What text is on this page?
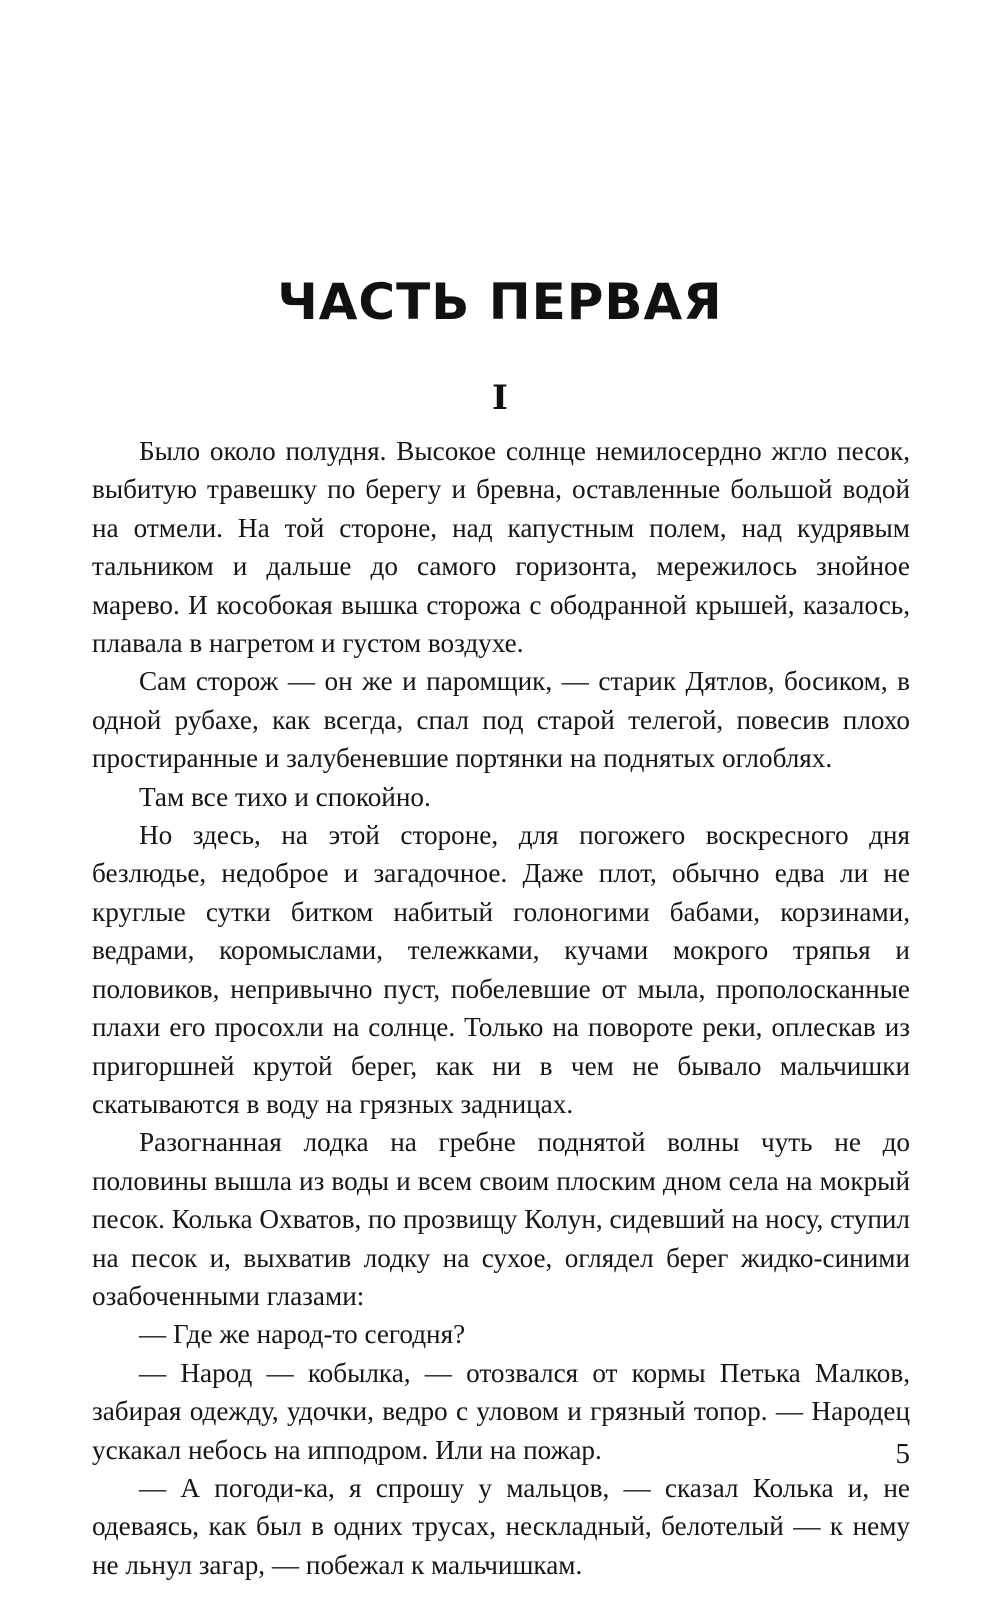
ЧАСТЬ ПЕРВАЯ
I

Было около полудня. Высокое солнце немилосердно жгло песок, выбитую травешку по берегу и бревна, оставленные большой водой на отмели. На той стороне, над капустным полем, над кудрявым тальником и дальше до самого горизонта, мережилось знойное марево. И кособокая вышка сторожа с ободранной крышей, казалось, плавала в нагретом и густом воздухе.

Сам сторож — он же и паромщик, — старик Дятлов, босиком, в одной рубахе, как всегда, спал под старой телегой, повесив плохо простиранные и залубеневшие портянки на поднятых оглоблях.

Там все тихо и спокойно.

Но здесь, на этой стороне, для погожего воскресного дня безлюдье, недоброе и загадочное. Даже плот, обычно едва ли не круглые сутки битком набитый голоногими бабами, корзинами, ведрами, коромыслами, тележками, кучами мокрого тряпья и половиков, непривычно пуст, побелевшие от мыла, прополосканные плахи его просохли на солнце. Только на повороте реки, оплескав из пригоршней крутой берег, как ни в чем не бывало мальчишки скатываются в воду на грязных задницах.

Разогнанная лодка на гребне поднятой волны чуть не до половины вышла из воды и всем своим плоским дном села на мокрый песок. Колька Охватов, по прозвищу Колун, сидевший на носу, ступил на песок и, выхватив лодку на сухое, оглядел берег жидко-синими озабоченными глазами:

— Где же народ-то сегодня?

— Народ — кобылка, — отозвался от кормы Петька Малков, забирая одежду, удочки, ведро с уловом и грязный топор. — Народец ускакал небось на ипподром. Или на пожар.

— А погоди-ка, я спрошу у мальцов, — сказал Колька и, не одеваясь, как был в одних трусах, нескладный, белотелый — к нему не льнул загар, — побежал к мальчишкам.

5
